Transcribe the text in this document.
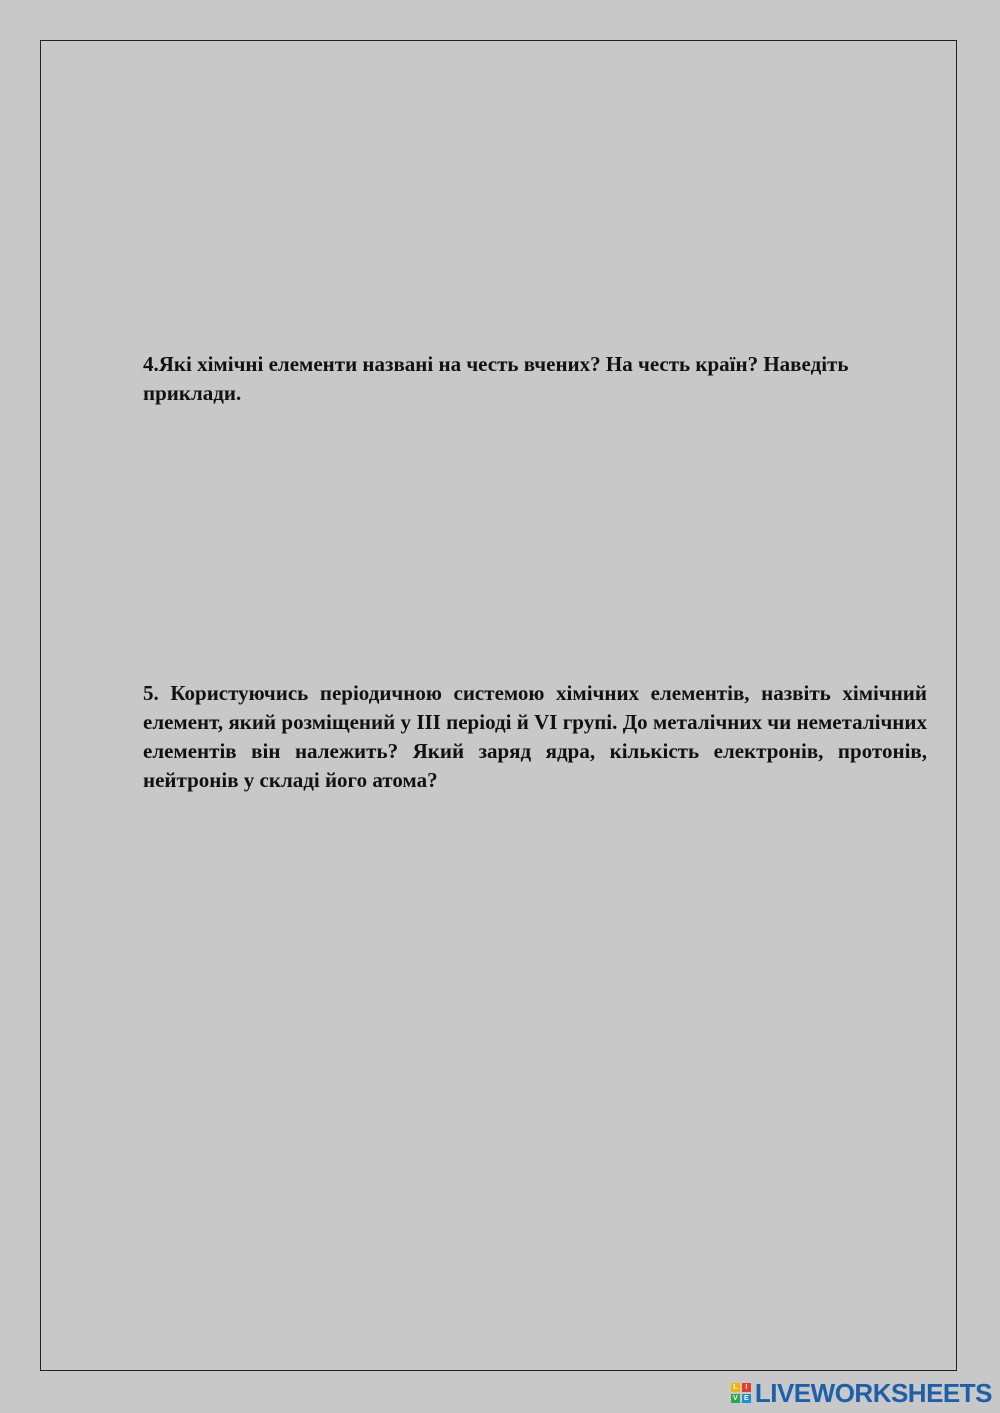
4.Які хімічні елементи названі на честь вчених? На честь країн? Наведіть приклади.

5. Користуючись періодичною системою хімічних елементів, назвіть хімічний елемент, який розміщений у ІІІ періоді й VI групі. До металічних чи неметалічних елементів він належить? Який заряд ядра, кількість електронів, протонів, нейтронів у складі його атома?

L	I
V E LIVEWORKSHEETS
